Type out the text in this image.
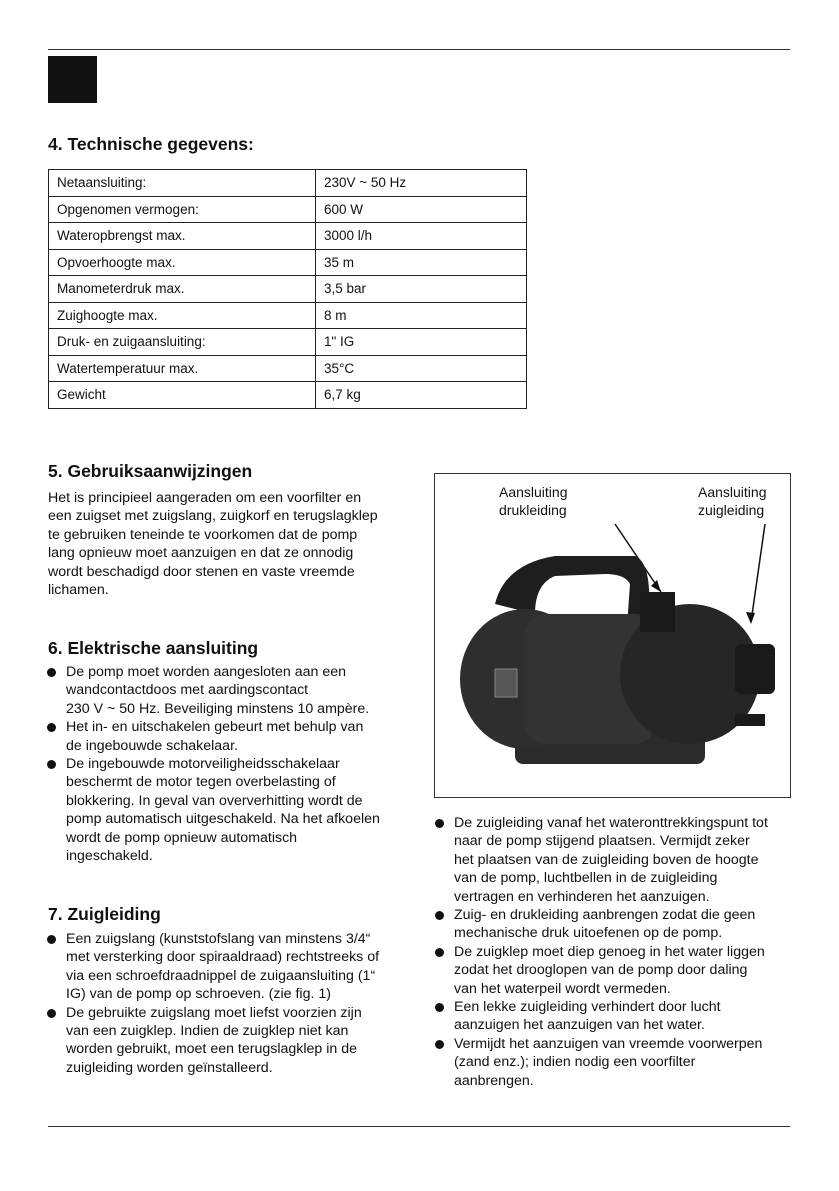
4. Technische gegevens:
Netaansluiting:	230V ~ 50 Hz
Opgenomen vermogen:	600 W
Wateropbrengst max.	3000 l/h
Opvoerhoogte max.	35 m
Manometerdruk max.	3,5 bar
Zuighoogte max.	8 m
Druk- en zuigaansluiting:	1" IG
Watertemperatuur max.	35°C
Gewicht	6,7 kg
5. Gebruiksaanwijzingen
Het is principieel aangeraden om een voorfilter en
een zuigset met zuigslang, zuigkorf en terugslagklep
te gebruiken teneinde te voorkomen dat de pomp
lang opnieuw moet aanzuigen en dat ze onnodig
wordt beschadigd door stenen en vaste vreemde
lichamen.
6. Elektrische aansluiting
De pomp moet worden aangesloten aan een
wandcontactdoos met aardingscontact
230 V ~ 50 Hz. Beveiliging minstens 10 ampère.
Het in- en uitschakelen gebeurt met behulp van
de ingebouwde schakelaar.
De ingebouwde motorveiligheidsschakelaar
beschermt de motor tegen overbelasting of
blokkering. In geval van oververhitting wordt de
pomp automatisch uitgeschakeld. Na het afkoelen
wordt de pomp opnieuw automatisch
ingeschakeld.
7. Zuigleiding
Een zuigslang (kunststofslang van minstens 3/4“
met versterking door spiraaldraad) rechtstreeks of
via een schroefdraadnippel de zuigaansluiting (1“
IG) van de pomp op schroeven. (zie fig. 1)
De gebruikte zuigslang moet liefst voorzien zijn
van een zuigklep. Indien de zuigklep niet kan
worden gebruikt, moet een terugslagklep in de
zuigleiding worden geïnstalleerd.
Aansluiting
drukleiding
Aansluiting
zuigleiding
De zuigleiding vanaf het wateronttrekkingspunt tot
naar de pomp stijgend plaatsen. Vermijdt zeker
het plaatsen van de zuigleiding boven de hoogte
van de pomp, luchtbellen in de zuigleiding
vertragen en verhinderen het aanzuigen.
Zuig- en drukleiding aanbrengen zodat die geen
mechanische druk uitoefenen op de pomp.
De zuigklep moet diep genoeg in het water liggen
zodat het drooglopen van de pomp door daling
van het waterpeil wordt vermeden.
Een lekke zuigleiding verhindert door lucht
aanzuigen het aanzuigen van het water.
Vermijdt het aanzuigen van vreemde voorwerpen
(zand enz.); indien nodig een voorfilter
aanbrengen.
